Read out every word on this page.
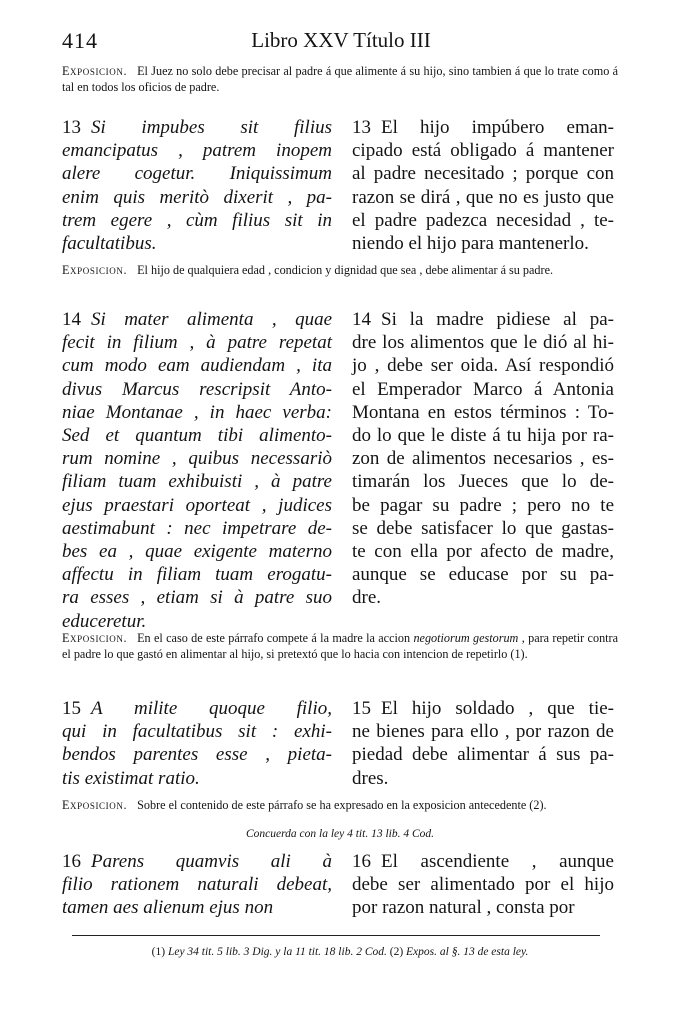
414	Libro XXV Título III
Exposicion. El Juez no solo debe precisar al padre á que alimente á su hijo, sino tambien á que lo trate como á tal en todos los oficios de padre.
13 Si impubes sit filius
emancipatus , patrem inopem
alere cogetur. Iniquissimum
enim quis meritò dixerit , pa-
trem egere , cùm filius sit in
facultatibus.
13 El hijo impúbero eman-
cipado está obligado á mantener
al padre necesitado ; porque con
razon se dirá , que no es justo que
el padre padezca necesidad , te-
niendo el hijo para mantenerlo.
Exposicion. El hijo de qualquiera edad , condicion y dignidad que sea , debe alimentar á su padre.
14 Si mater alimenta , quae
fecit in filium , à patre repetat
cum modo eam audiendam , ita
divus Marcus rescripsit Anto-
niae Montanae , in haec verba:
Sed et quantum tibi alimento-
rum nomine , quibus necessariò
filiam tuam exhibuisti , à patre
ejus praestari oporteat , judices
aestimabunt : nec impetrare de-
bes ea , quae exigente materno
affectu in filiam tuam erogatu-
ra esses , etiam si à patre suo
educeretur.
14 Si la madre pidiese al pa-
dre los alimentos que le dió al hi-
jo , debe ser oida. Así respondió
el Emperador Marco á Antonia
Montana en estos términos : To-
do lo que le diste á tu hija por ra-
zon de alimentos necesarios , es-
timarán los Jueces que lo de-
be pagar su padre ; pero no te
se debe satisfacer lo que gastas-
te con ella por afecto de madre,
aunque se educase por su pa-
dre.
Exposicion. En el caso de este párrafo compete á la madre la accion negotiorum gestorum , para repetir contra el padre lo que gastó en alimentar al hijo, si pretextó que lo hacia con intencion de repetirlo (1).
15 A milite quoque filio,
qui in facultatibus sit : exhi-
bendos parentes esse , pieta-
tis existimat ratio.
15 El hijo soldado , que tie-
ne bienes para ello , por razon de
piedad debe alimentar á sus pa-
dres.
Exposicion. Sobre el contenido de este párrafo se ha expresado en la exposicion antecedente (2).
Concuerda con la ley 4 tit. 13 lib. 4 Cod.
16 Parens quamvis ali à
filio rationem naturali debeat,
tamen aes alienum ejus non
16 El ascendiente , aunque
debe ser alimentado por el hijo
por razon natural , consta por
(1) Ley 34 tit. 5 lib. 3 Dig. y la 11 tit. 18 lib. 2 Cod. (2) Expos. al §. 13 de esta ley.
